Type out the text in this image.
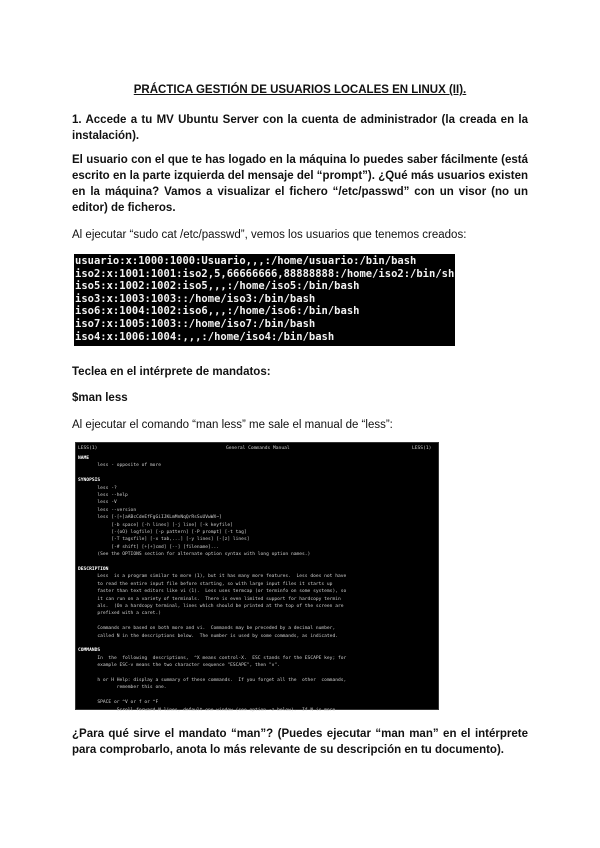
PRÁCTICA GESTIÓN DE USUARIOS LOCALES EN LINUX (II).
1. Accede a tu MV Ubuntu Server con la cuenta de administrador (la creada en la instalación).
El usuario con el que te has logado en la máquina lo puedes saber fácilmente (está escrito en la parte izquierda del mensaje del “prompt”). ¿Qué más usuarios existen en la máquina? Vamos a visualizar el fichero “/etc/passwd” con un visor (no un editor) de ficheros.
Al ejecutar “sudo cat /etc/passwd”, vemos los usuarios que tenemos creados:
usuario:x:1000:1000:Usuario,,,:/home/usuario:/bin/bash
iso2:x:1001:1001:iso2,5,66666666,88888888:/home/iso2:/bin/sh
iso5:x:1002:1002:iso5,,,:/home/iso5:/bin/bash
iso3:x:1003:1003::/home/iso3:/bin/bash
iso6:x:1004:1002:iso6,,,:/home/iso6:/bin/bash
iso7:x:1005:1003::/home/iso7:/bin/bash
iso4:x:1006:1004:,,,:/home/iso4:/bin/bash
Teclea en el intérprete de mandatos:
$man less
Al ejecutar el comando “man less” me sale el manual de “less”:
LESS(1)	General Commands Manual	LESS(1)
NAME
less - opposite of more
SYNOPSIS
less -?
less --help
less -V
less --version
less [-[+]aABcCdeEfFgGiIJKLmMnNqQrRsSuUVwWX~]
[-b space] [-h lines] [-j line] [-k keyfile]
[-{oO} logfile] [-p pattern] [-P prompt] [-t tag]
[-T tagsfile] [-x tab,...] [-y lines] [-[z] lines]
[-# shift] [+[+]cmd] [--] [filename]...
(See the OPTIONS section for alternate option syntax with long option names.)
DESCRIPTION
Less  is a program similar to more (1), but it has many more features.  Less does not have
to read the entire input file before starting, so with large input files it starts up
faster than text editors like vi (1).  Less uses termcap (or terminfo on some systems), so
it can run on a variety of terminals.  There is even limited support for hardcopy termin
als.  (On a hardcopy terminal, lines which should be printed at the top of the screen are
prefixed with a caret.)
Commands are based on both more and vi.  Commands may be preceded by a decimal number,
called N in the descriptions below.  The number is used by some commands, as indicated.
COMMANDS
In  the  following  descriptions,  ^X means control-X.  ESC stands for the ESCAPE key; for
example ESC-v means the two character sequence "ESCAPE", then "v".
h or H Help: display a summary of these commands.  If you forget all the  other  commands,
remember this one.
SPACE or ^V or f or ^F
Scroll forward N lines, default one window (see option -z below).  If N is more
Manual page less(1) line 1 (press h for help or q to quit)
¿Para qué sirve el mandato “man”? (Puedes ejecutar “man man” en el intérprete para comprobarlo, anota lo más relevante de su descripción en tu documento).
